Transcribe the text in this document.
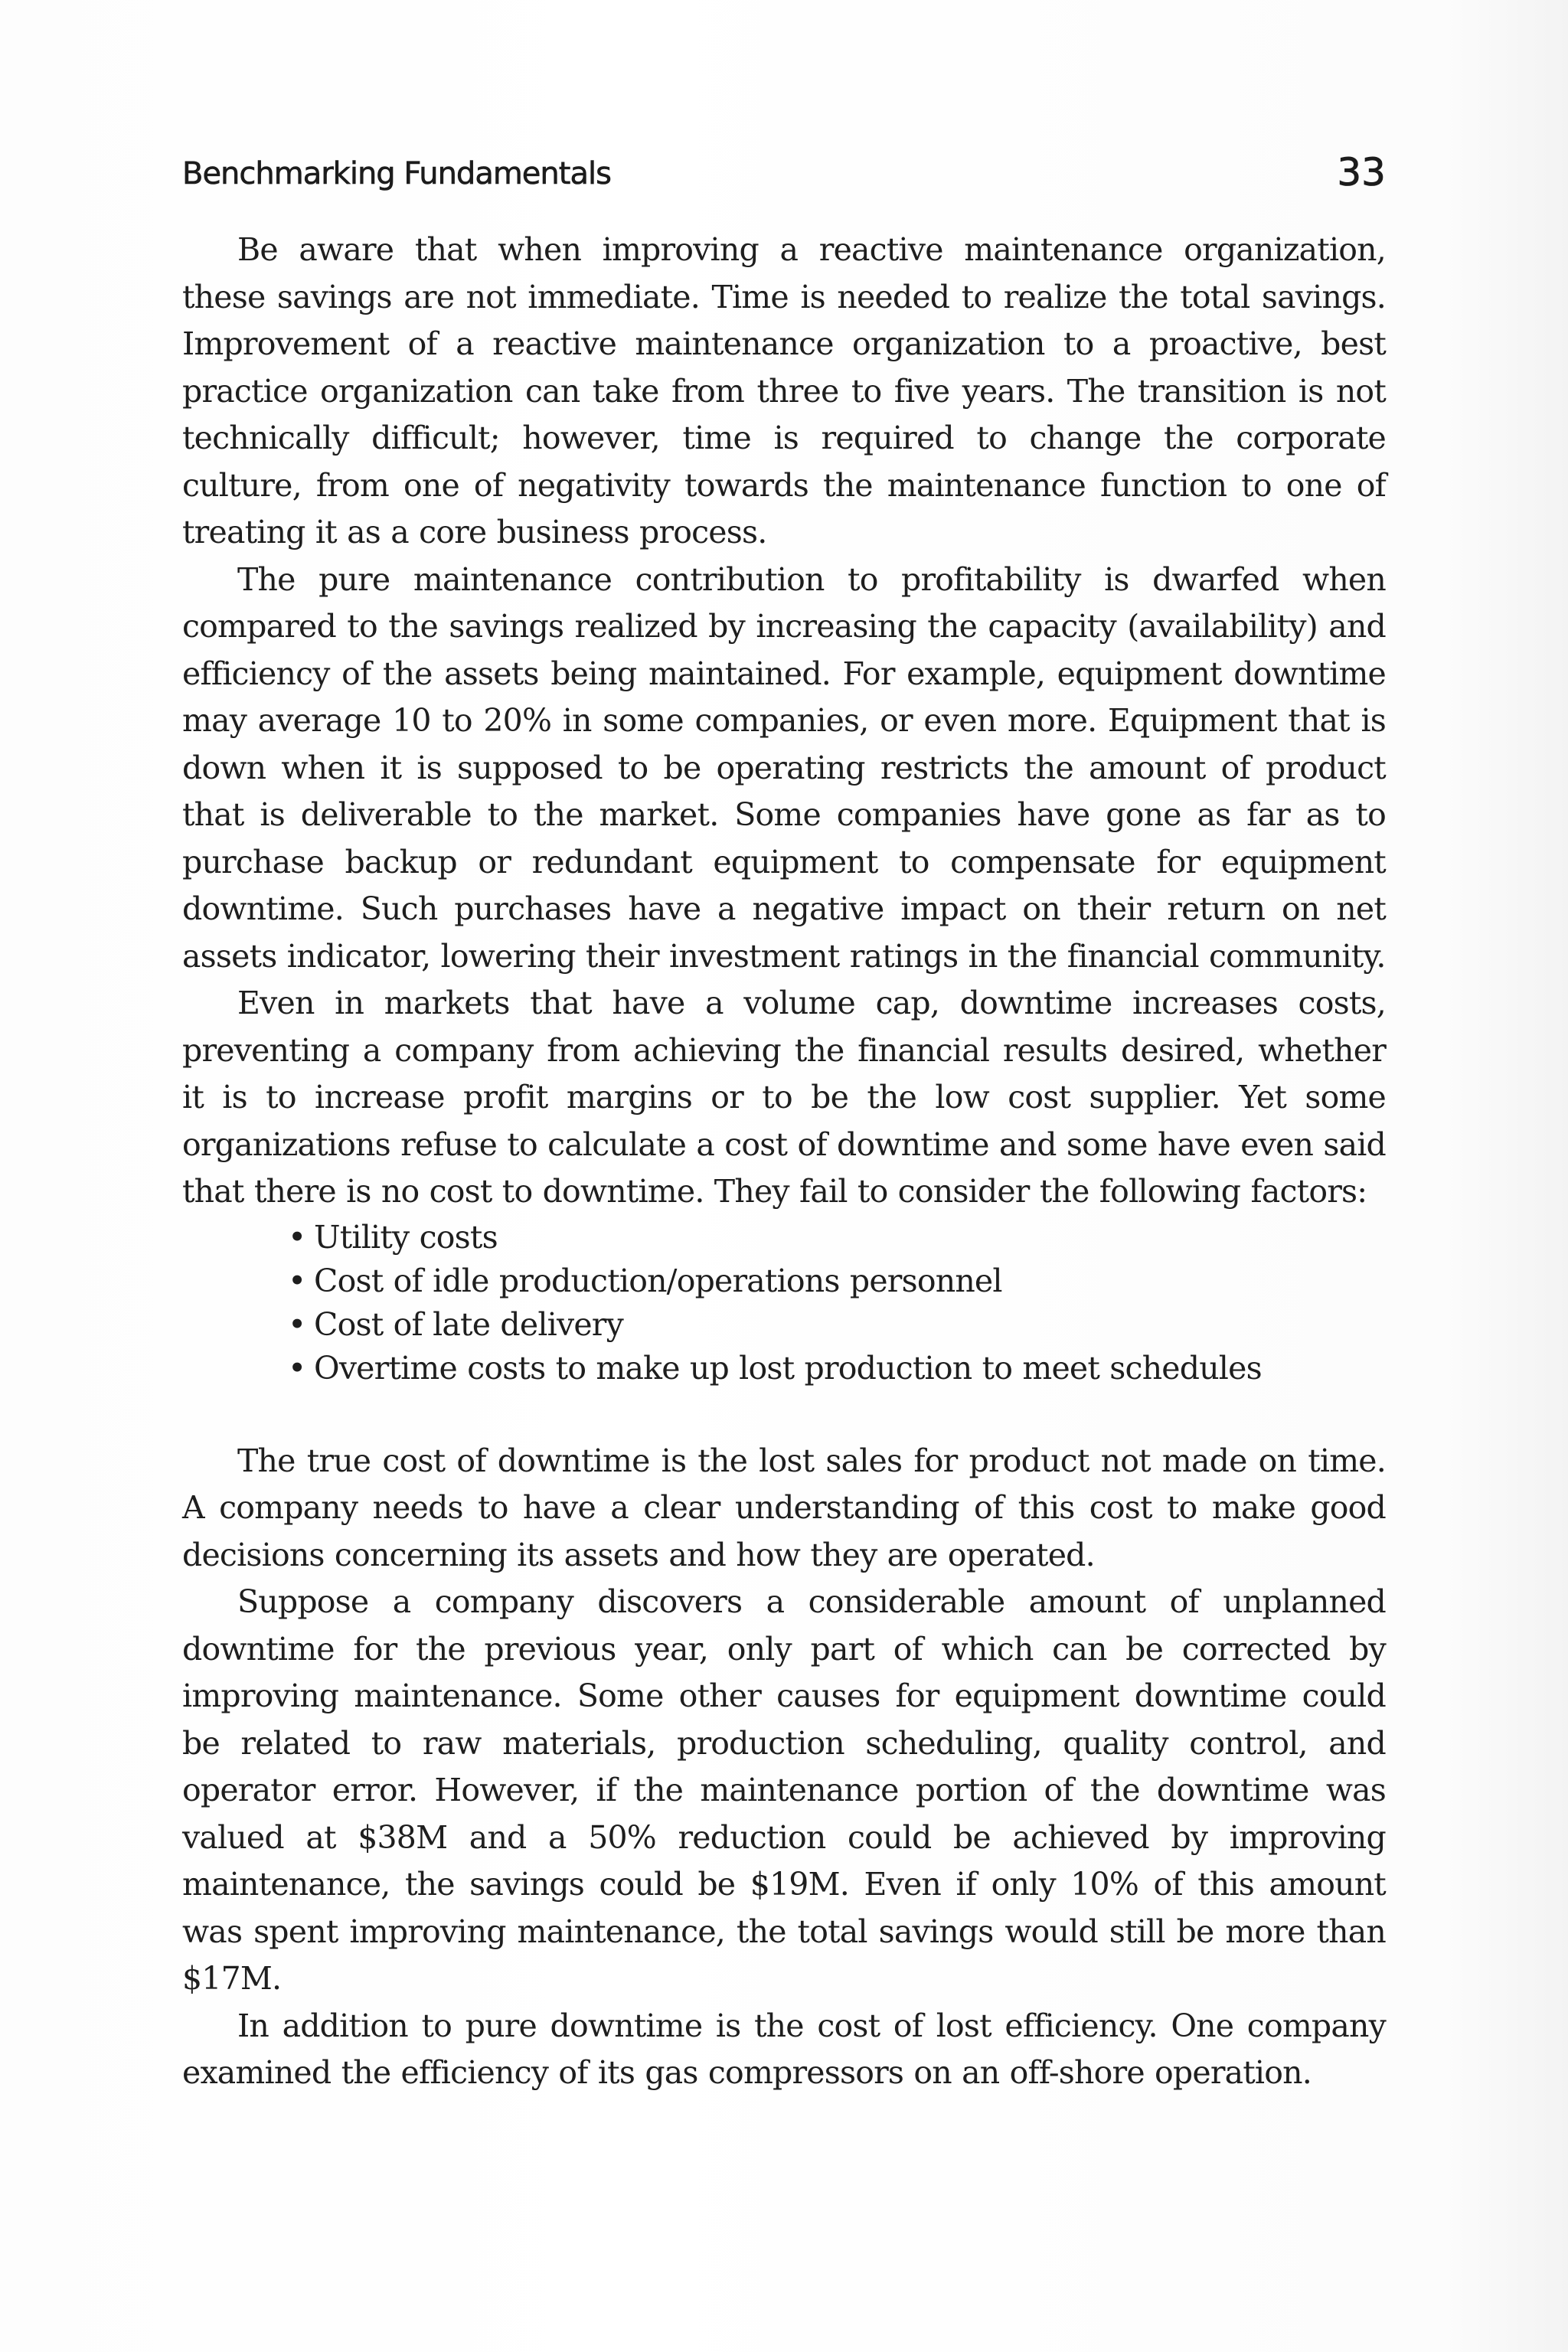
Benchmarking Fundamentals	33

Be aware that when improving a reactive maintenance organization, these savings are not immediate. Time is needed to realize the total savings. Improvement of a reactive maintenance organization to a proactive, best practice organization can take from three to five years. The transition is not technically difficult; however, time is required to change the corporate culture, from one of negativity towards the maintenance function to one of treating it as a core business process.

The pure maintenance contribution to profitability is dwarfed when compared to the savings realized by increasing the capacity (availability) and efficiency of the assets being maintained. For example, equipment downtime may average 10 to 20% in some companies, or even more. Equipment that is down when it is supposed to be operating restricts the amount of product that is deliverable to the market. Some companies have gone as far as to purchase backup or redundant equipment to compensate for equipment downtime. Such purchases have a negative impact on their return on net assets indicator, lowering their investment ratings in the financial community.

Even in markets that have a volume cap, downtime increases costs, preventing a company from achieving the financial results desired, whether it is to increase profit margins or to be the low cost supplier. Yet some organizations refuse to calculate a cost of downtime and some have even said that there is no cost to downtime. They fail to consider the following factors:

• Utility costs
• Cost of idle production/operations personnel
• Cost of late delivery
• Overtime costs to make up lost production to meet schedules

The true cost of downtime is the lost sales for product not made on time. A company needs to have a clear understanding of this cost to make good decisions concerning its assets and how they are operated.

Suppose a company discovers a considerable amount of unplanned downtime for the previous year, only part of which can be corrected by improving maintenance. Some other causes for equipment downtime could be related to raw materials, production scheduling, quality control, and operator error. However, if the maintenance portion of the downtime was valued at $38M and a 50% reduction could be achieved by improving maintenance, the savings could be $19M. Even if only 10% of this amount was spent improving maintenance, the total savings would still be more than $17M.

In addition to pure downtime is the cost of lost efficiency. One company examined the efficiency of its gas compressors on an off-shore operation.
